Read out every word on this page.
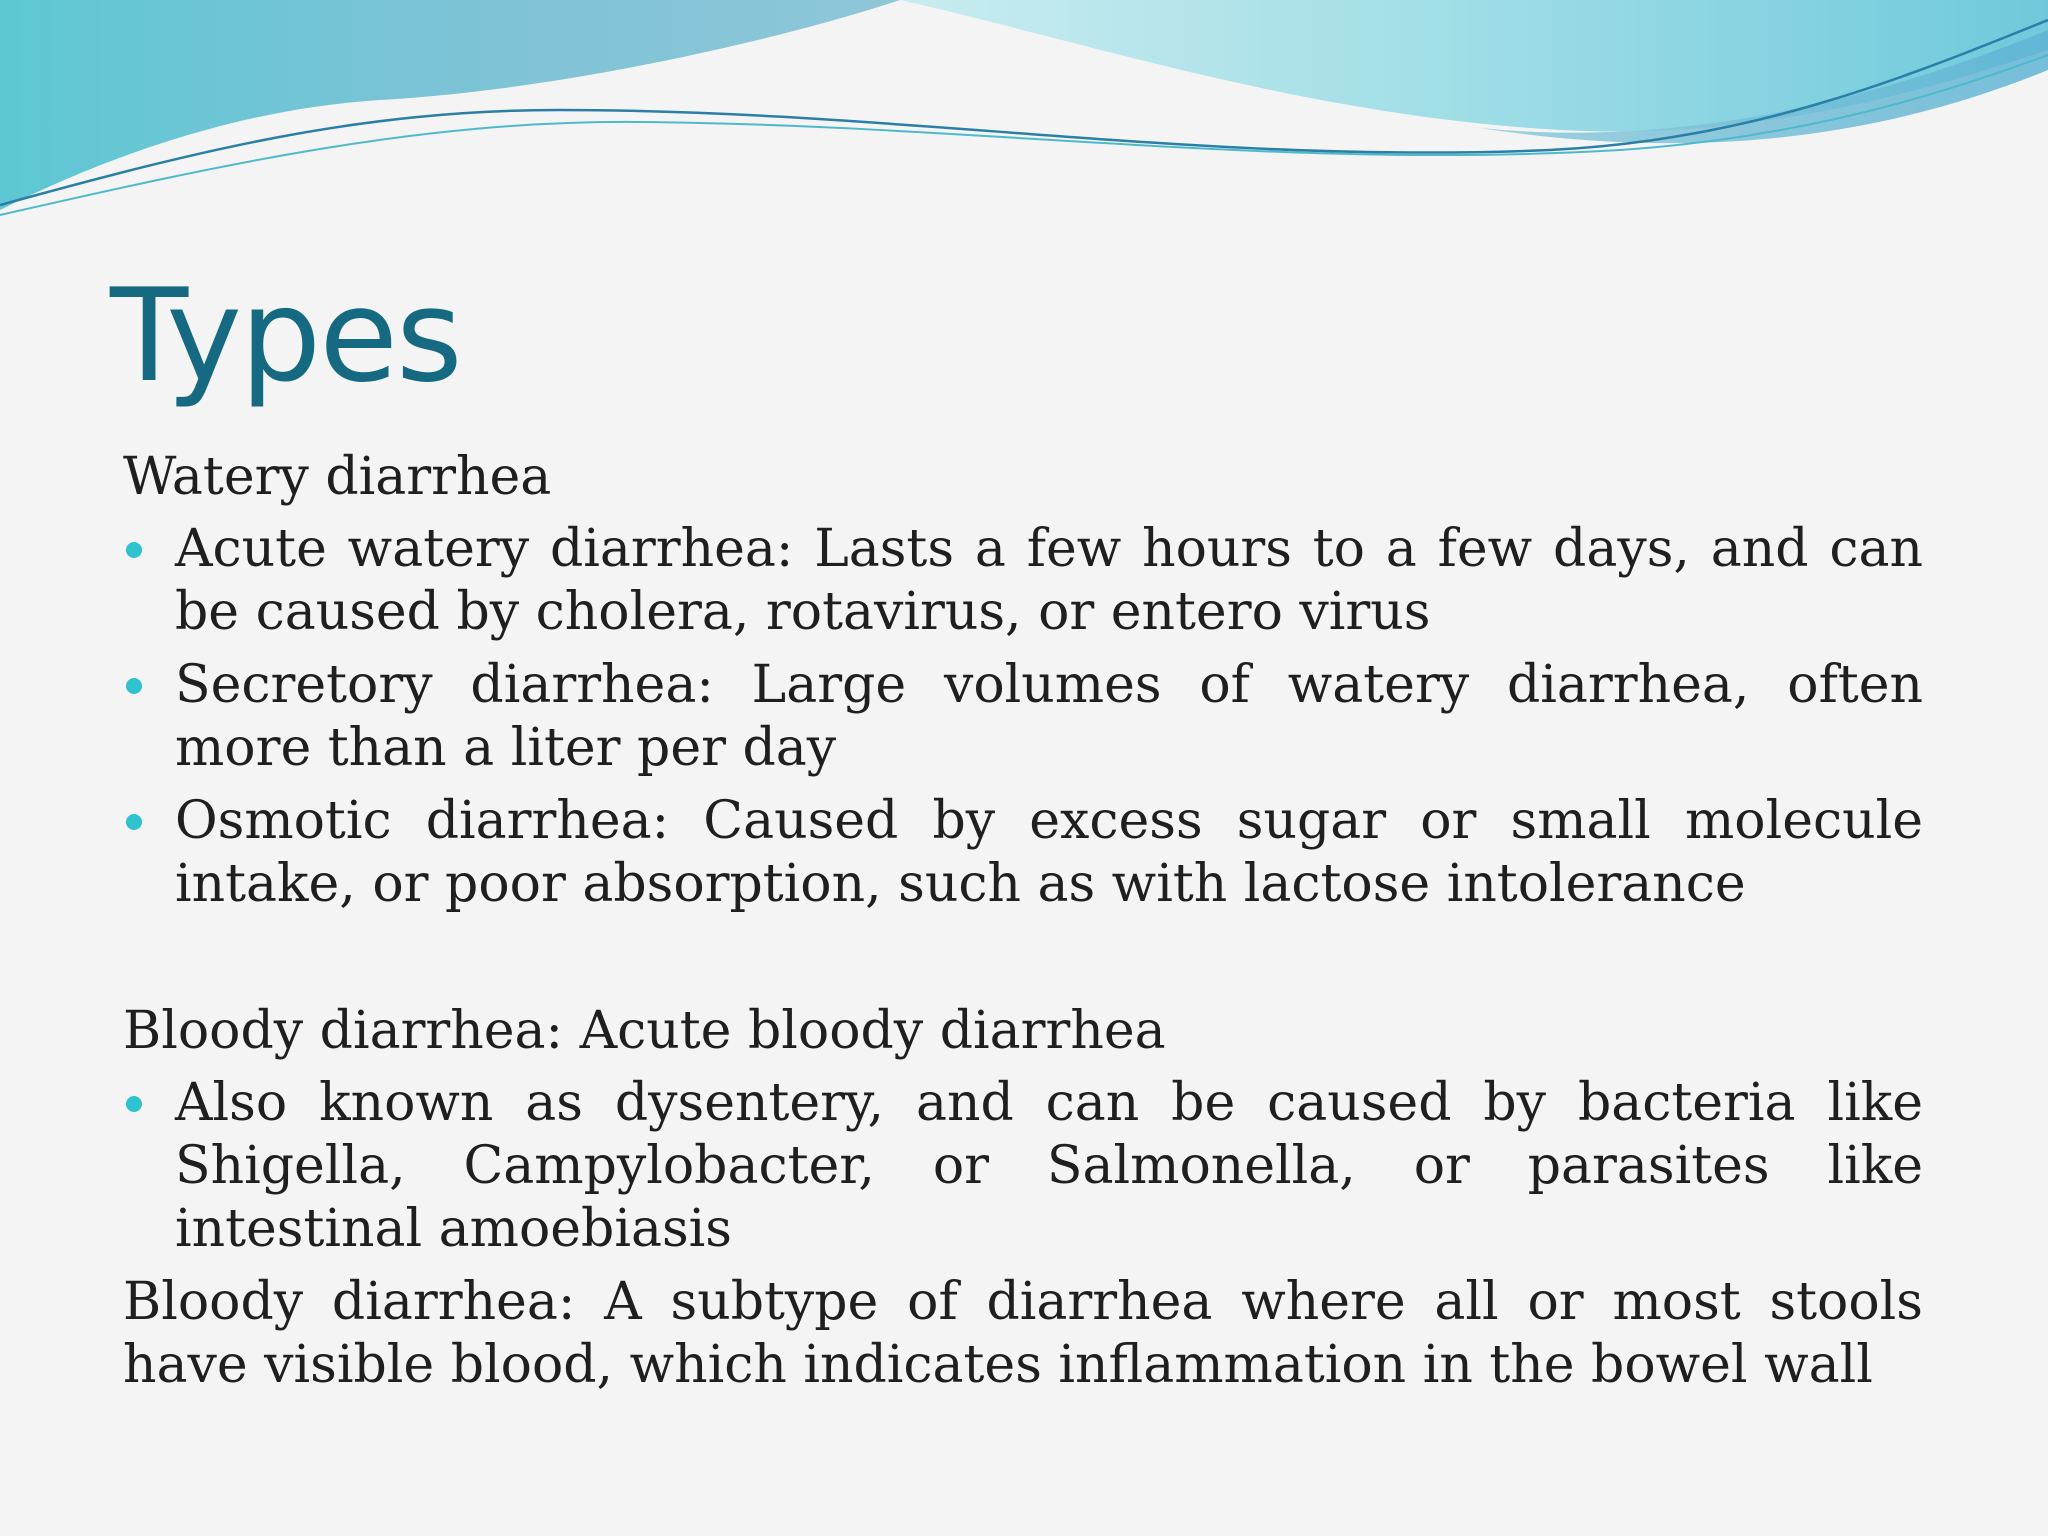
Types

Watery diarrhea

Acute watery diarrhea: Lasts a few hours to a few days, and can be caused by cholera, rotavirus, or entero virus
Secretory diarrhea: Large volumes of watery diarrhea, often more than a liter per day
Osmotic diarrhea: Caused by excess sugar or small molecule intake, or poor absorption, such as with lactose intolerance

Bloody diarrhea: Acute bloody diarrhea

Also known as dysentery, and can be caused by bacteria like Shigella, Campylobacter, or Salmonella, or parasites like intestinal amoebiasis

Bloody diarrhea: A subtype of diarrhea where all or most stools have visible blood, which indicates inflammation in the bowel wall
